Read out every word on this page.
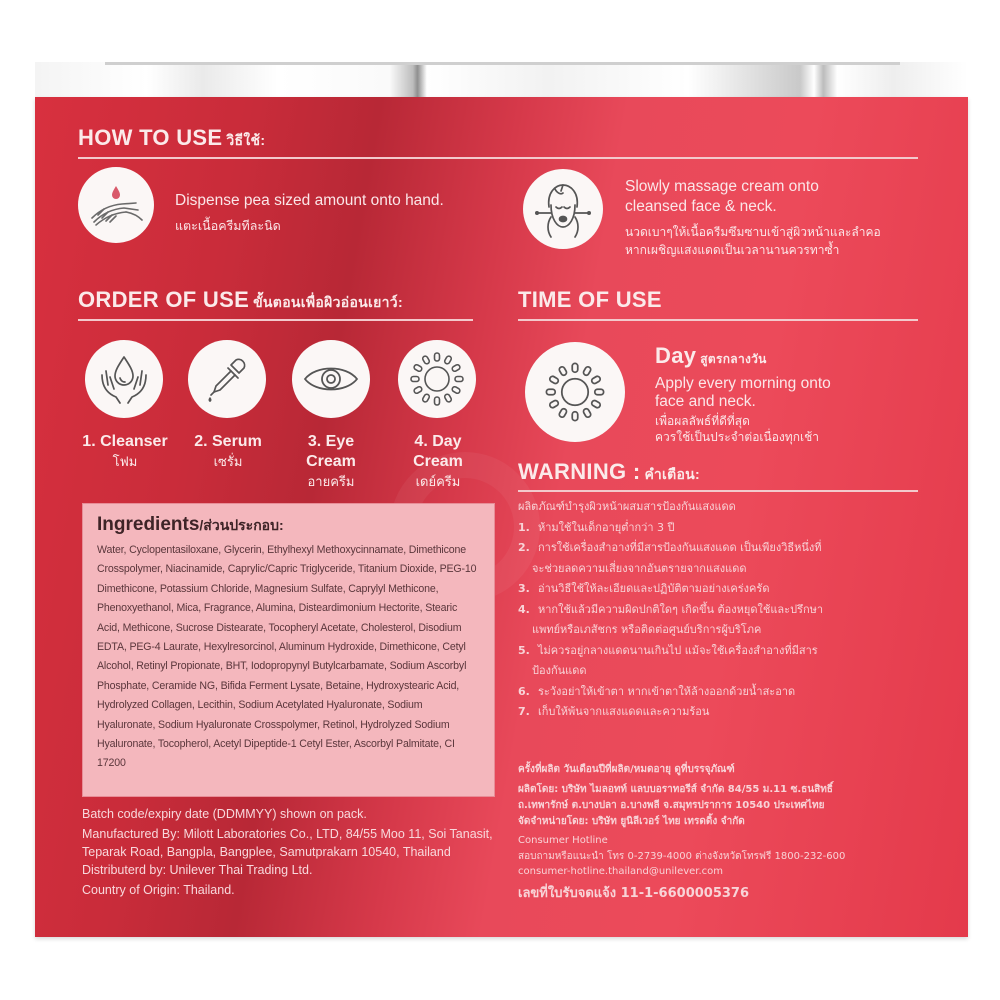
HOW TO USE วิธีใช้:
Dispense pea sized amount onto hand.
แตะเนื้อครีมทีละนิด
Slowly massage cream onto cleansed face & neck.
นวดเบาๆให้เนื้อครีมซึมซาบเข้าสู่ผิวหน้าและลำคอ
หากเผชิญแสงแดดเป็นเวลานานควรทาซ้ำ
ORDER OF USE ขั้นตอนเพื่อผิวอ่อนเยาว์:
1. Cleanser
โฟม
2. Serum
เซรั่ม
3. Eye
Cream
อายครีม
4. Day
Cream
เดย์ครีม
TIME OF USE
Day สูตรกลางวัน
Apply every morning onto
face and neck.
เพื่อผลลัพธ์ที่ดีที่สุด
ควรใช้เป็นประจำต่อเนื่องทุกเช้า
WARNING : คำเตือน:
ผลิตภัณฑ์บำรุงผิวหน้าผสมสารป้องกันแสงแดด
1. ห้ามใช้ในเด็กอายุต่ำกว่า 3 ปี
2. การใช้เครื่องสำอางที่มีสารป้องกันแสงแดด เป็นเพียงวิธีหนึ่งที่
จะช่วยลดความเสี่ยงจากอันตรายจากแสงแดด
3. อ่านวิธีใช้ให้ละเอียดและปฏิบัติตามอย่างเคร่งครัด
4. หากใช้แล้วมีความผิดปกติใดๆ เกิดขึ้น ต้องหยุดใช้และปรึกษา
แพทย์หรือเภสัชกร หรือติดต่อศูนย์บริการผู้บริโภค
5. ไม่ควรอยู่กลางแดดนานเกินไป แม้จะใช้เครื่องสำอางที่มีสาร
ป้องกันแดด
6. ระวังอย่าให้เข้าตา หากเข้าตาให้ล้างออกด้วยน้ำสะอาด
7. เก็บให้พ้นจากแสงแดดและความร้อน
ครั้งที่ผลิต วันเดือนปีที่ผลิต/หมดอายุ ดูที่บรรจุภัณฑ์
ผลิตโดย: บริษัท ไมลอทท์ แลบบอราทอรีส์ จำกัด 84/55 ม.11 ซ.ธนสิทธิ์
ถ.เทพารักษ์ ต.บางปลา อ.บางพลี จ.สมุทรปราการ 10540 ประเทศไทย
จัดจำหน่ายโดย: บริษัท ยูนิลีเวอร์ ไทย เทรดดิ้ง จำกัด
Consumer Hotline
สอบถามหรือแนะนำ โทร 0-2739-4000 ต่างจังหวัดโทรฟรี 1800-232-600
consumer-hotline.thailand@unilever.com
เลขที่ใบรับจดแจ้ง 11-1-6600005376
Ingredients/ส่วนประกอบ:
Water, Cyclopentasiloxane, Glycerin, Ethylhexyl Methoxycinnamate, Dimethicone Crosspolymer, Niacinamide, Caprylic/Capric Triglyceride, Titanium Dioxide, PEG-10 Dimethicone, Potassium Chloride, Magnesium Sulfate, Caprylyl Methicone, Phenoxyethanol, Mica, Fragrance, Alumina, Disteardimonium Hectorite, Stearic Acid, Methicone, Sucrose Distearate, Tocopheryl Acetate, Cholesterol, Disodium EDTA, PEG-4 Laurate, Hexylresorcinol, Aluminum Hydroxide, Dimethicone, Cetyl Alcohol, Retinyl Propionate, BHT, Iodopropynyl Butylcarbamate, Sodium Ascorbyl Phosphate, Ceramide NG, Bifida Ferment Lysate, Betaine, Hydroxystearic Acid, Hydrolyzed Collagen, Lecithin, Sodium Acetylated Hyaluronate, Sodium Hyaluronate, Sodium Hyaluronate Crosspolymer, Retinol, Hydrolyzed Sodium Hyaluronate, Tocopherol, Acetyl Dipeptide-1 Cetyl Ester, Ascorbyl Palmitate, CI 17200

Batch code/expiry date (DDMMYY) shown on pack.

Manufactured By: Milott Laboratories Co., LTD, 84/55 Moo 11, Soi Tanasit, Teparak Road, Bangpla, Bangplee, Samutprakarn 10540, Thailand Distributerd by: Unilever Thai Trading Ltd.

Country of Origin: Thailand.
